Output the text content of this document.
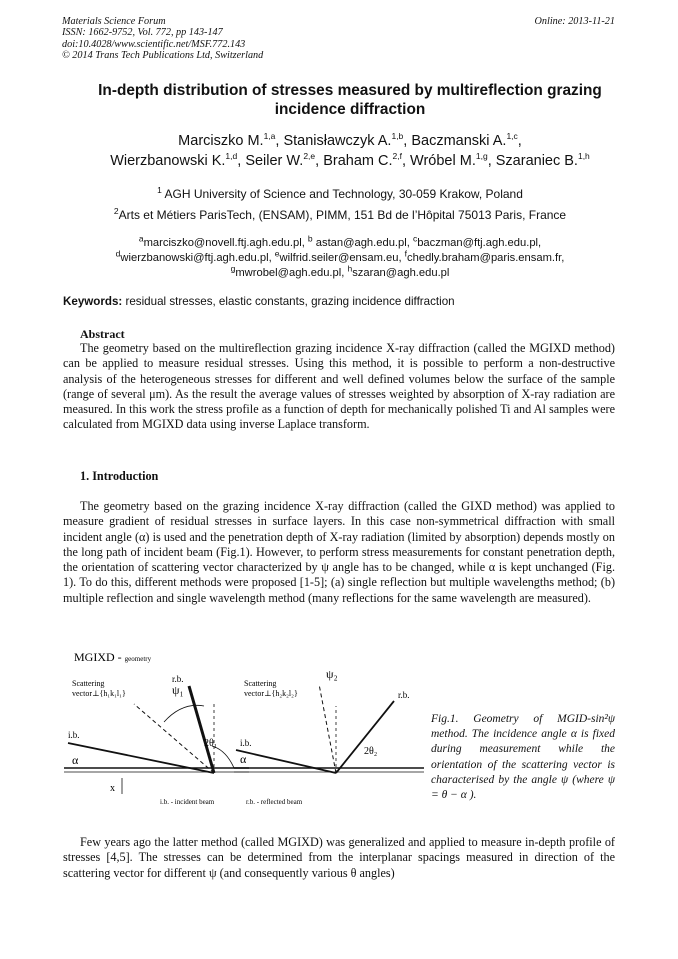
Materials Science Forum
ISSN: 1662-9752, Vol. 772, pp 143-147
doi:10.4028/www.scientific.net/MSF.772.143
© 2014 Trans Tech Publications Ltd, Switzerland
Online: 2013-11-21
In-depth distribution of stresses measured by multireflection grazing incidence diffraction
Marciszko M.$^{1,a}$, Stanisławczyk A.$^{1,b}$, Baczmanski A.$^{1,c}$,
Wierzbanowski K.$^{1,d}$, Seiler W.$^{2,e}$, Braham C.$^{2,f}$, Wróbel M.$^{1,g}$, Szaraniec B.$^{1,h}$
$^1$ AGH University of Science and Technology, 30-059 Krakow, Poland
$^2$Arts et Métiers ParisTech, (ENSAM), PIMM, 151 Bd de l’Hôpital 75013 Paris, France
$^a$marciszko@novell.ftj.agh.edu.pl, $^b$ astan@agh.edu.pl, $^c$baczman@ftj.agh.edu.pl,
$^d$wierzbanowski@ftj.agh.edu.pl, $^e$wilfrid.seiler@ensam.eu, $^f$chedly.braham@paris.ensam.fr,
$^g$mwrobel@agh.edu.pl, $^h$szaran@agh.edu.pl
Keywords: residual stresses, elastic constants, grazing incidence diffraction
Abstract
The geometry based on the multireflection grazing incidence X-ray diffraction (called the MGIXD method) can be applied to measure residual stresses. Using this method, it is possible to perform a non-destructive analysis of the heterogeneous stresses for different and well defined volumes below the surface of the sample (range of several μm). As the result the average values of stresses weighted by absorption of X-ray radiation are measured. In this work the stress profile as a function of depth for mechanically polished Ti and Al samples were calculated from MGIXD data using inverse Laplace transform.
1. Introduction
The geometry based on the grazing incidence X-ray diffraction (called the GIXD method) was applied to measure gradient of residual stresses in surface layers. In this case non-symmetrical diffraction with small incident angle (α) is used and the penetration depth of X-ray radiation (limited by absorption) depends mostly on the long path of incident beam (Fig.1). However, to perform stress measurements for constant penetration depth, the orientation of scattering vector characterized by ψ angle has to be changed, while α is kept unchanged (Fig. 1). To do this, different methods were proposed [1-5]; (a) single reflection but multiple wavelengths method; (b) multiple reflection and single wavelength method (many reflections for the same wavelength are measured).
MGIXD - geometry
Scattering
vector⊥{h₁k₁l₁}
r.b.
ψ₁
i.b.
α
2θ₁
x
i.b. - incident beam
Scattering
vector⊥{h₂k₂l₂}
ψ₂
r.b.
i.b.
α
2θ₂
r.b. - reflected beam
Fig.1. Geometry of MGID-sin²ψ method. The incidence angle α is fixed during measurement while the orientation of the scattering vector is characterised by the angle ψ (where ψ = θ − α ).
Few years ago the latter method (called MGIXD) was generalized and applied to measure in-depth profile of stresses [4,5]. The stresses can be determined from the interplanar spacings measured in direction of the scattering vector for different ψ (and consequently various θ angles)
